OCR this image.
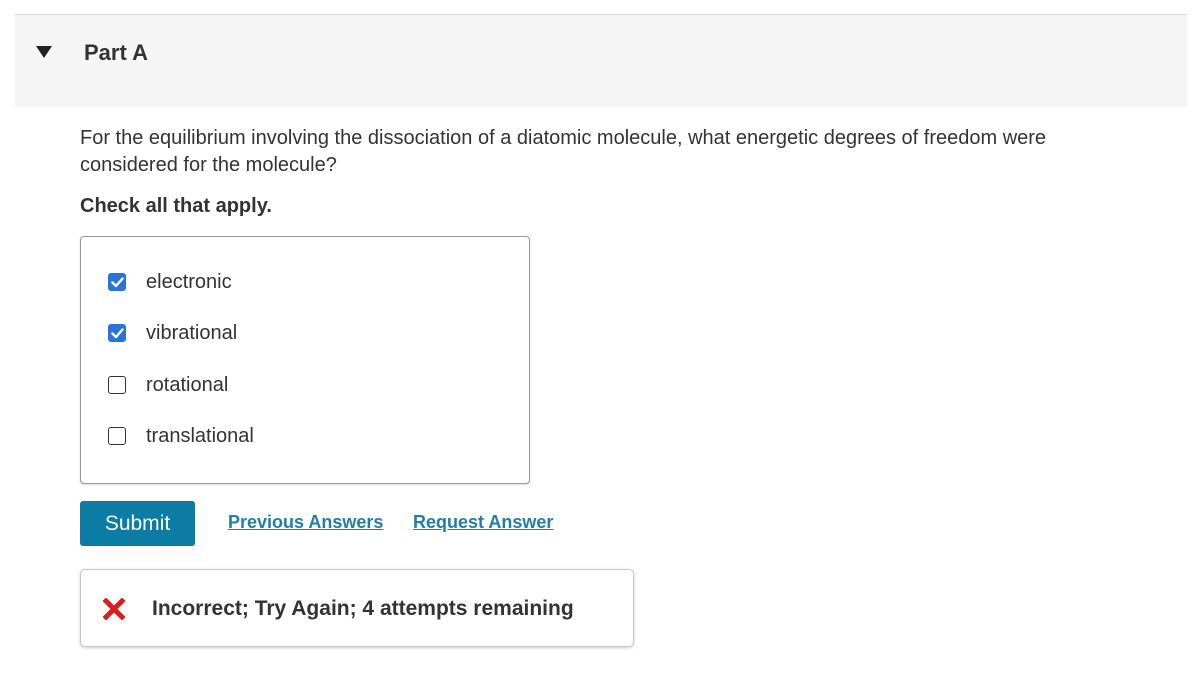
Part A
For the equilibrium involving the dissociation of a diatomic molecule, what energetic degrees of freedom were considered for the molecule?
Check all that apply.
electronic
vibrational
rotational
translational
Submit	Previous Answers Request Answer
Incorrect; Try Again; 4 attempts remaining
